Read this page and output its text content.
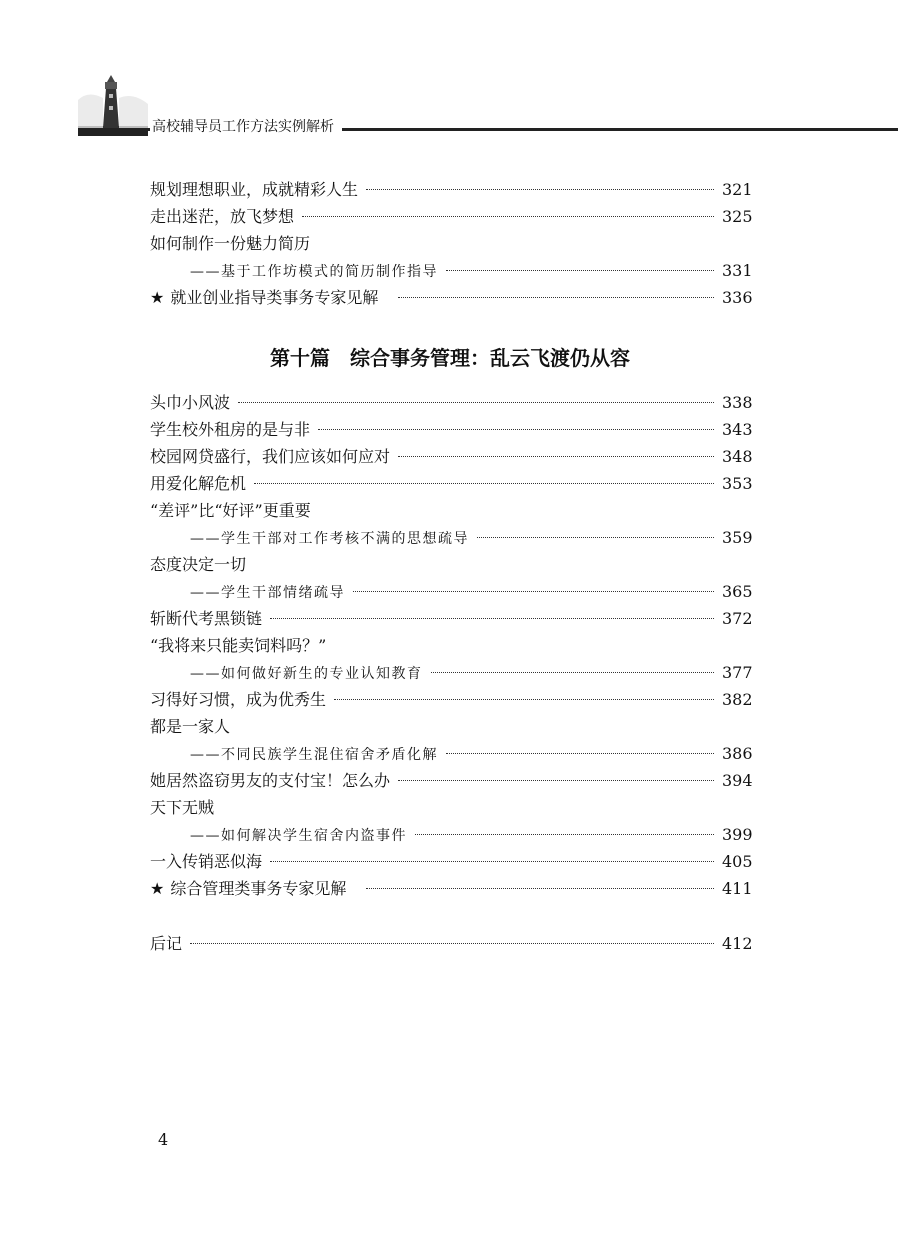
高校辅导员工作方法实例解析
规划理想职业，成就精彩人生	321
走出迷茫，放飞梦想	325
如何制作一份魅力简历
——基于工作坊模式的简历制作指导	331
★ 就业创业指导类事务专家见解	336
第十篇 综合事务管理：乱云飞渡仍从容
头巾小风波	338
学生校外租房的是与非	343
校园网贷盛行，我们应该如何应对	348
用爱化解危机	353
“差评”比“好评”更重要
——学生干部对工作考核不满的思想疏导	359
态度决定一切
——学生干部情绪疏导	365
斩断代考黑锁链	372
“我将来只能卖饲料吗？”
——如何做好新生的专业认知教育	377
习得好习惯，成为优秀生	382
都是一家人
——不同民族学生混住宿舍矛盾化解	386
她居然盗窃男友的支付宝！怎么办	394
天下无贼
——如何解决学生宿舍内盗事件	399
一入传销恶似海	405
★ 综合管理类事务专家见解	411
后记	412
4
